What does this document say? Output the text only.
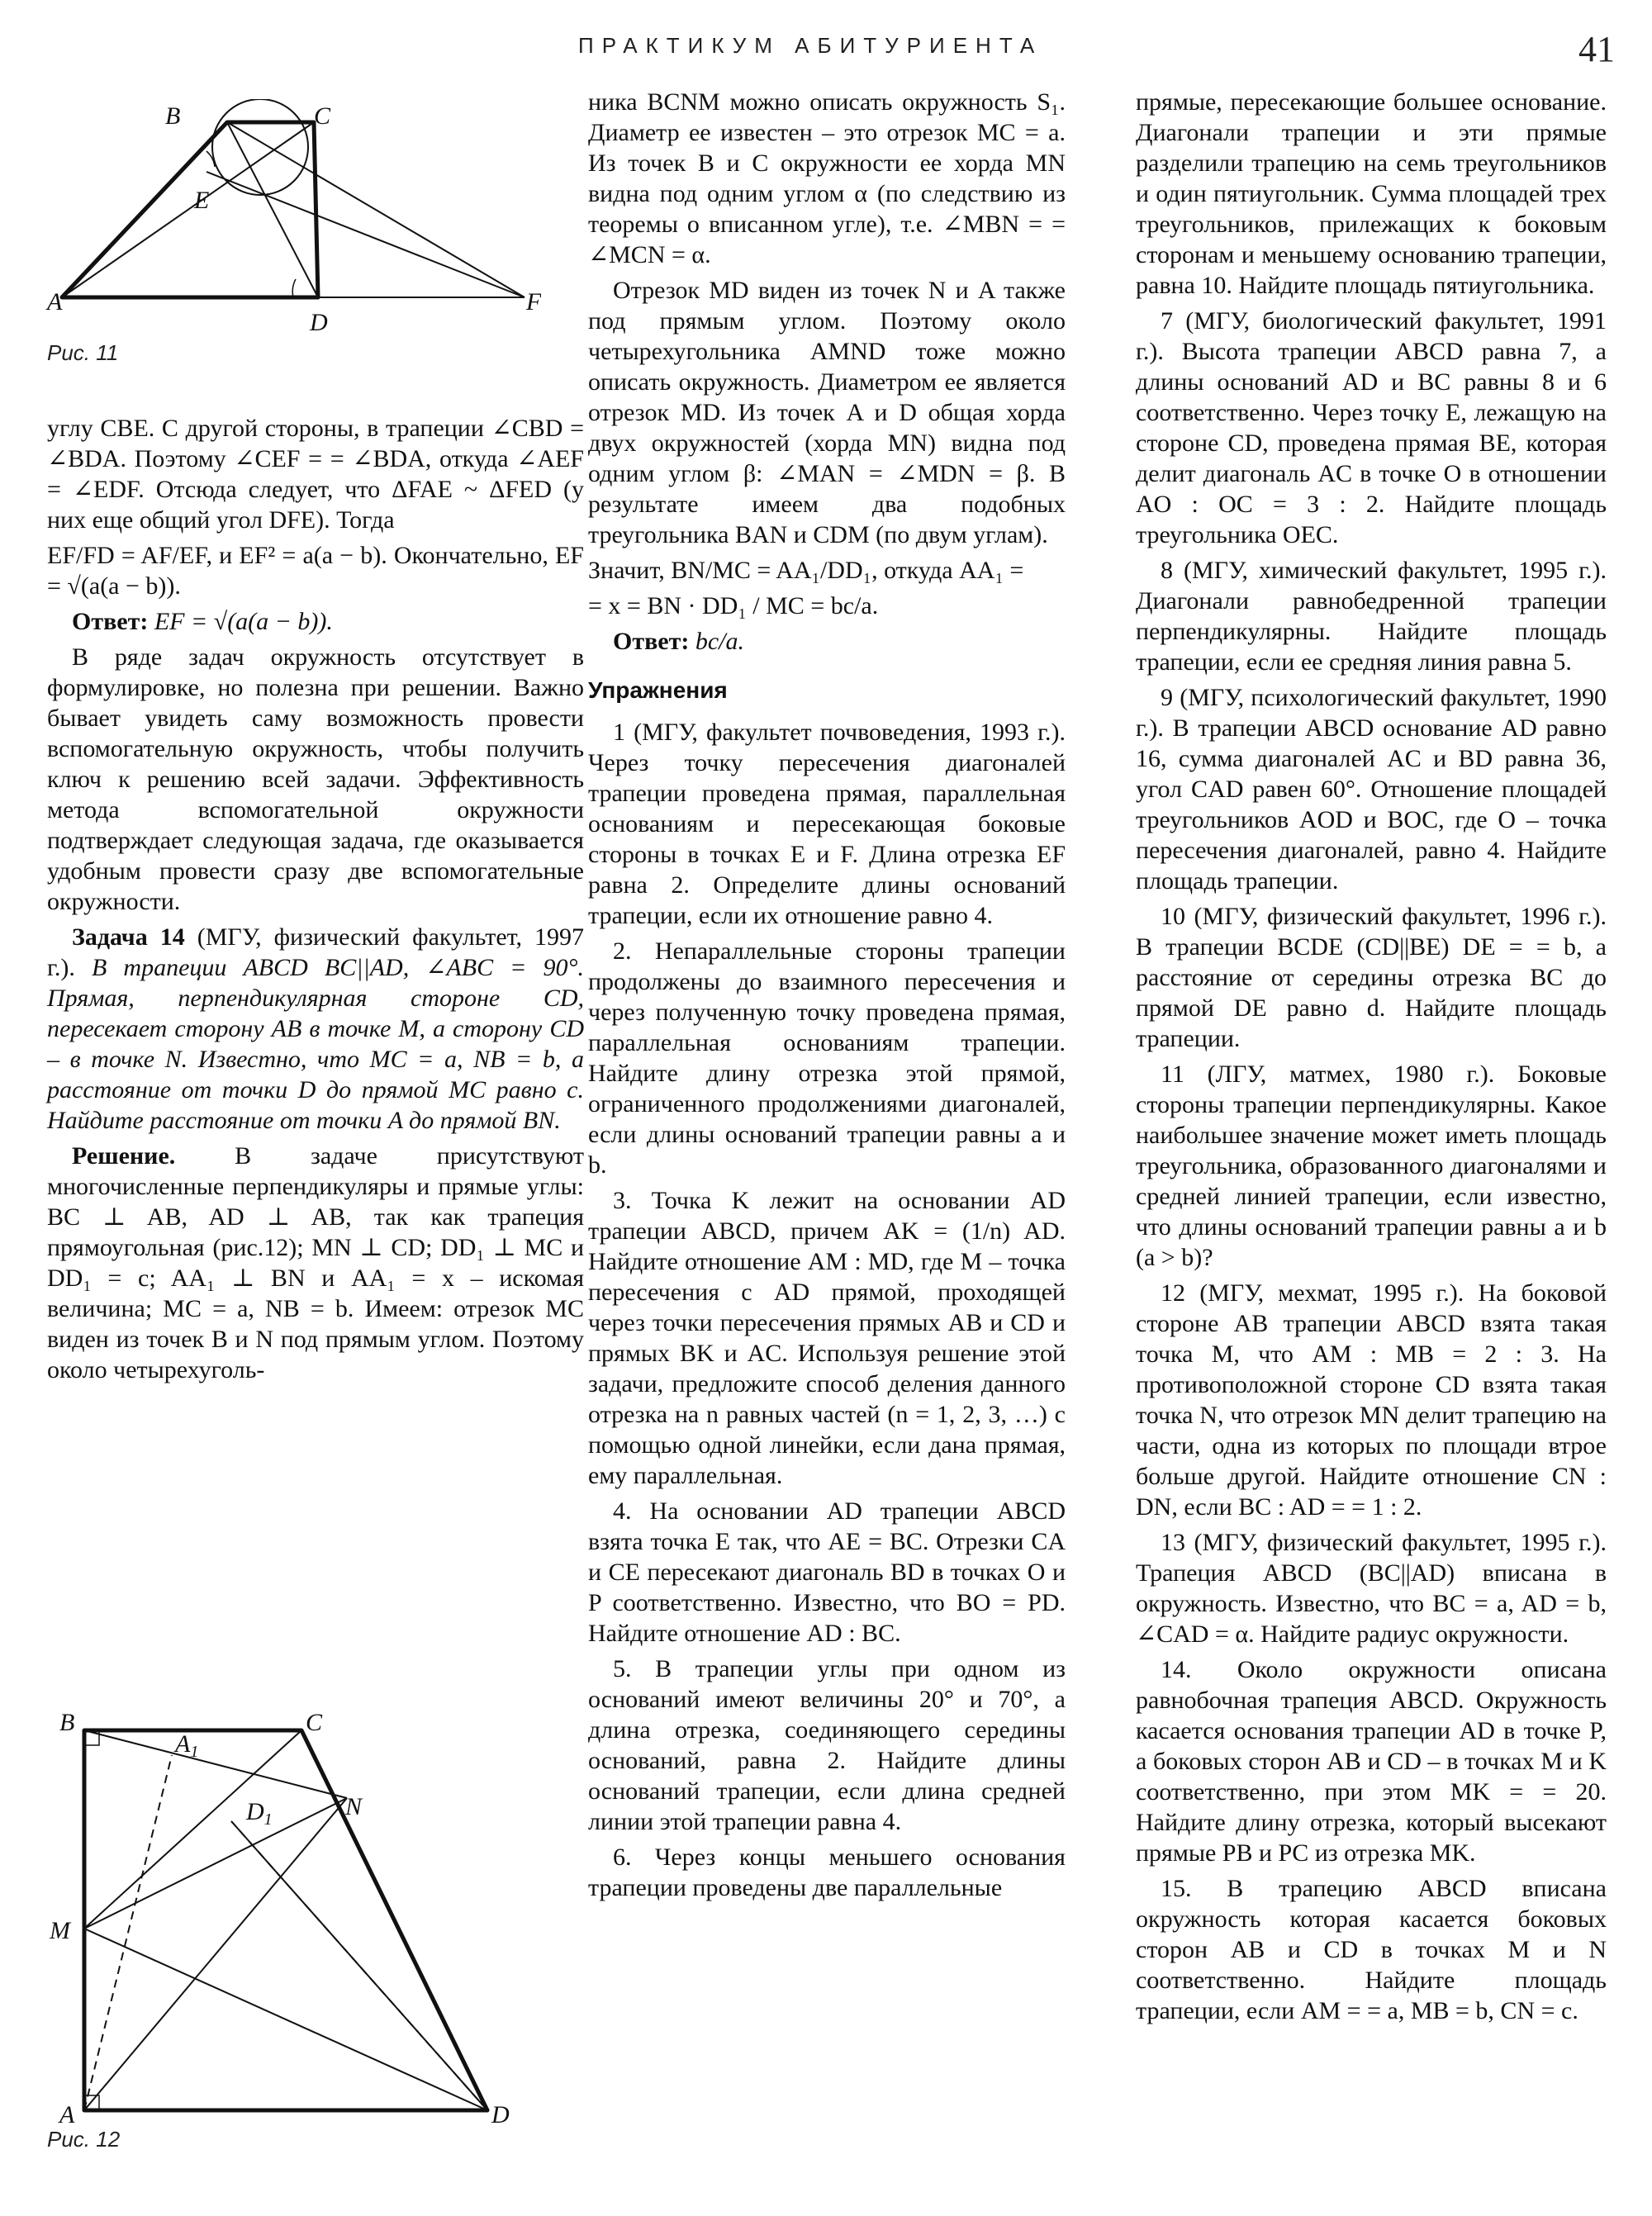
ПРАКТИКУМ АБИТУРИЕНТА	41
B	C
E
A
D
F
Рис. 11

углу CBE. С другой стороны, в трапеции ∠CBD = ∠BDA. Поэтому ∠CEF = = ∠BDA, откуда ∠AEF = ∠EDF. Отсюда следует, что ΔFAE ~ ΔFED (у них еще общий угол DFE). Тогда

EF/FD = AF/EF, и EF² = a(a − b). Окончательно, EF = √(a(a − b)).

Ответ: EF = √(a(a − b)).

В ряде задач окружность отсутствует в формулировке, но полезна при решении. Важно бывает увидеть саму возможность провести вспомогательную окружность, чтобы получить ключ к решению всей задачи. Эффективность метода вспомогательной окружности подтверждает следующая задача, где оказывается удобным провести сразу две вспомогательные окружности.

Задача 14 (МГУ, физический факультет, 1997 г.). В трапеции ABCD BC||AD, ∠ABC = 90°. Прямая, перпендикулярная стороне CD, пересекает сторону AB в точке M, а сторону CD – в точке N. Известно, что MC = a, NB = b, а расстояние от точки D до прямой MC равно c. Найдите расстояние от точки A до прямой BN.

Решение. В задаче присутствуют многочисленные перпендикуляры и прямые углы: BC ⊥ AB, AD ⊥ AB, так как трапеция прямоугольная (рис.12); MN ⊥ CD; DD₁ ⊥ MC и DD₁ = c; AA₁ ⊥ BN и AA₁ = x – искомая величина; MC = a, NB = b. Имеем: отрезок MC виден из точек B и N под прямым углом. Поэтому около четырехуголь-

B	C
$A_1$
$D_1$	N
M
A	D
Рис. 12

ника BCNM можно описать окружность S₁. Диаметр ее известен – это отрезок MC = a. Из точек B и C окружности ее хорда MN видна под одним углом α (по следствию из теоремы о вписанном угле), т.е. ∠MBN = = ∠MCN = α.

Отрезок MD виден из точек N и A также под прямым углом. Поэтому около четырехугольника AMND тоже можно описать окружность. Диаметром ее является отрезок MD. Из точек A и D общая хорда двух окружностей (хорда MN) видна под одним углом β: ∠MAN = ∠MDN = β. В результате имеем два подобных треугольника BAN и CDM (по двум углам).

Значит, BN/MC = AA₁/DD₁, откуда AA₁ =

= x = BN · DD₁ / MC = bc/a.

Ответ: bc/a.

Упражнения

1 (МГУ, факультет почвоведения, 1993 г.). Через точку пересечения диагоналей трапеции проведена прямая, параллельная основаниям и пересекающая боковые стороны в точках E и F. Длина отрезка EF равна 2. Определите длины оснований трапеции, если их отношение равно 4.

2. Непараллельные стороны трапеции продолжены до взаимного пересечения и через полученную точку проведена прямая, параллельная основаниям трапеции. Найдите длину отрезка этой прямой, ограниченного продолжениями диагоналей, если длины оснований трапеции равны a и b.

3. Точка K лежит на основании AD трапеции ABCD, причем AK = (1/n) AD. Найдите отношение AM : MD, где M – точка пересечения с AD прямой, проходящей через точки пересечения прямых AB и CD и прямых BK и AC. Используя решение этой задачи, предложите способ деления данного отрезка на n равных частей (n = 1, 2, 3, …) с помощью одной линейки, если дана прямая, ему параллельная.

4. На основании AD трапеции ABCD взята точка E так, что AE = BC. Отрезки CA и CE пересекают диагональ BD в точках O и P соответственно. Известно, что BO = PD. Найдите отношение AD : BC.

5. В трапеции углы при одном из оснований имеют величины 20° и 70°, а длина отрезка, соединяющего середины оснований, равна 2. Найдите длины оснований трапеции, если длина средней линии этой трапеции равна 4.

6. Через концы меньшего основания трапеции проведены две параллельные

прямые, пересекающие большее основание. Диагонали трапеции и эти прямые разделили трапецию на семь треугольников и один пятиугольник. Сумма площадей трех треугольников, прилежащих к боковым сторонам и меньшему основанию трапеции, равна 10. Найдите площадь пятиугольника.

7 (МГУ, биологический факультет, 1991 г.). Высота трапеции ABCD равна 7, а длины оснований AD и BC равны 8 и 6 соответственно. Через точку E, лежащую на стороне CD, проведена прямая BE, которая делит диагональ AC в точке O в отношении AO : OC = 3 : 2. Найдите площадь треугольника OEC.

8 (МГУ, химический факультет, 1995 г.). Диагонали равнобедренной трапеции перпендикулярны. Найдите площадь трапеции, если ее средняя линия равна 5.

9 (МГУ, психологический факультет, 1990 г.). В трапеции ABCD основание AD равно 16, сумма диагоналей AC и BD равна 36, угол CAD равен 60°. Отношение площадей треугольников AOD и BOC, где O – точка пересечения диагоналей, равно 4. Найдите площадь трапеции.

10 (МГУ, физический факультет, 1996 г.). В трапеции BCDE (CD||BE) DE = = b, а расстояние от середины отрезка BC до прямой DE равно d. Найдите площадь трапеции.

11 (ЛГУ, матмех, 1980 г.). Боковые стороны трапеции перпендикулярны. Какое наибольшее значение может иметь площадь треугольника, образованного диагоналями и средней линией трапеции, если известно, что длины оснований трапеции равны a и b (a > b)?

12 (МГУ, мехмат, 1995 г.). На боковой стороне AB трапеции ABCD взята такая точка M, что AM : MB = 2 : 3. На противоположной стороне CD взята такая точка N, что отрезок MN делит трапецию на части, одна из которых по площади втрое больше другой. Найдите отношение CN : DN, если BC : AD = = 1 : 2.

13 (МГУ, физический факультет, 1995 г.). Трапеция ABCD (BC||AD) вписана в окружность. Известно, что BC = a, AD = b, ∠CAD = α. Найдите радиус окружности.

14. Около окружности описана равнобочная трапеция ABCD. Окружность касается основания трапеции AD в точке P, а боковых сторон AB и CD – в точках M и K соответственно, при этом MK = = 20. Найдите длину отрезка, который высекают прямые PB и PC из отрезка MK.

15. В трапецию ABCD вписана окружность которая касается боковых сторон AB и CD в точках M и N соответственно. Найдите площадь трапеции, если AM = = a, MB = b, CN = c.
